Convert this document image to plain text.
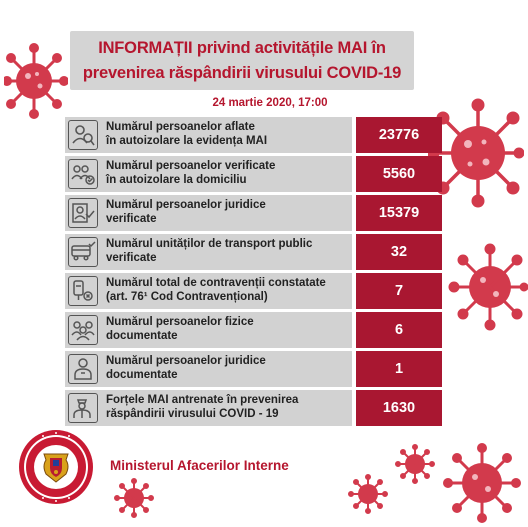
INFORMAȚII privind activitățile MAI în
prevenirea răspândirii virusului COVID-19
24 martie 2020, 17:00
Numărul persoanelor aflate
în autoizolare la evidența MAI	23776
Numărul persoanelor verificate
în autoizolare la domiciliu	5560
Numărul persoanelor juridice
verificate	15379
Numărul unităților de transport public
verificate	32
Numărul total de contravenții constatate
(art. 76¹ Cod Contravențional)	7
Numărul persoanelor fizice
documentate	6
Numărul persoanelor juridice
documentate	1
Forțele MAI antrenate în prevenirea
răspândirii virusului COVID - 19	1630
Ministerul Afacerilor Interne
